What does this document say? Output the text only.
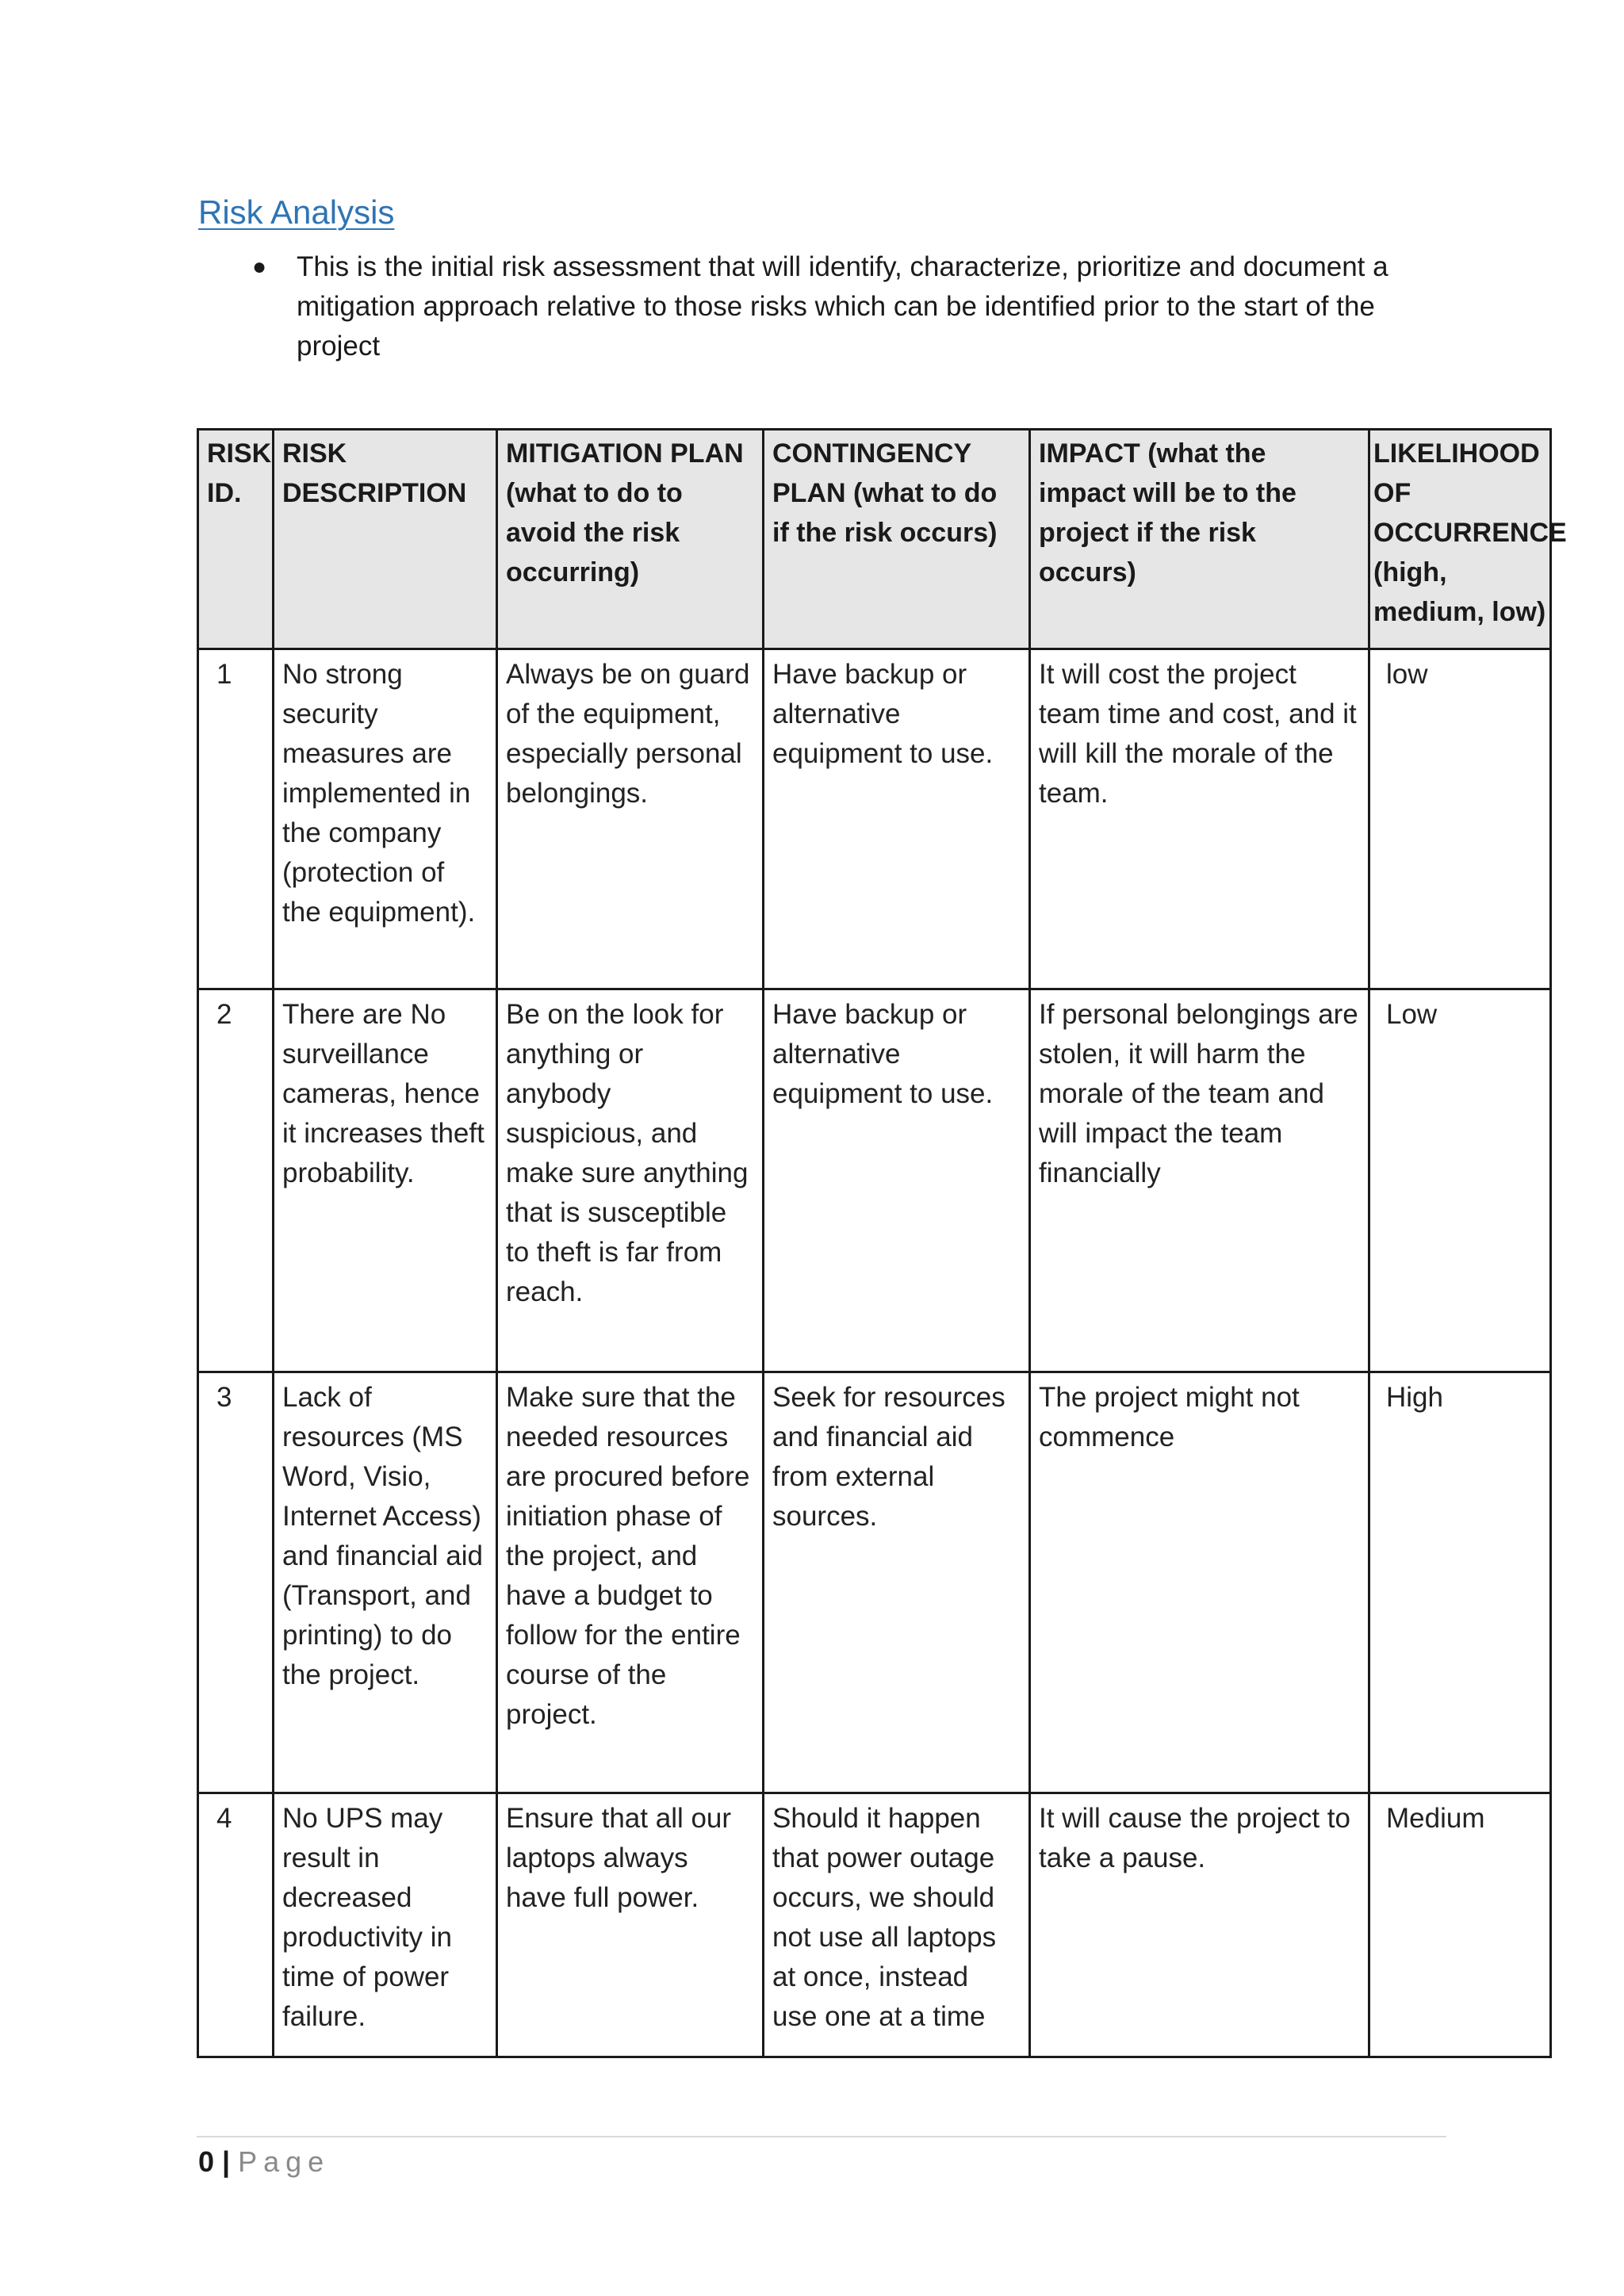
Risk Analysis
● This is the initial risk assessment that will identify, characterize, prioritize and document a mitigation approach relative to those risks which can be identified prior to the start of the project
RISK ID.	RISK DESCRIPTION	MITIGATION PLAN (what to do to avoid the risk occurring)	CONTINGENCY PLAN (what to do if the risk occurs)	IMPACT (what the impact will be to the project if the risk occurs)	LIKELIHOOD OF OCCURRENCE (high, medium, low)
1	No strong security measures are implemented in the company (protection of the equipment).	Always be on guard of the equipment, especially personal belongings.	Have backup or alternative equipment to use.	It will cost the project team time and cost, and it will kill the morale of the team.	low
2	There are No surveillance cameras, hence it increases theft probability.	Be on the look for anything or anybody suspicious, and make sure anything that is susceptible to theft is far from reach.	Have backup or alternative equipment to use.	If personal belongings are stolen, it will harm the morale of the team and will impact the team financially	Low
3	Lack of resources (MS Word, Visio, Internet Access) and financial aid (Transport, and printing) to do the project.	Make sure that the needed resources are procured before initiation phase of the project, and have a budget to follow for the entire course of the project.	Seek for resources and financial aid from external sources.	The project might not commence	High
4	No UPS may result in decreased productivity in time of power failure.	Ensure that all our laptops always have full power.	Should it happen that power outage occurs, we should not use all laptops at once, instead use one at a time	It will cause the project to take a pause.	Medium
0 | Page
